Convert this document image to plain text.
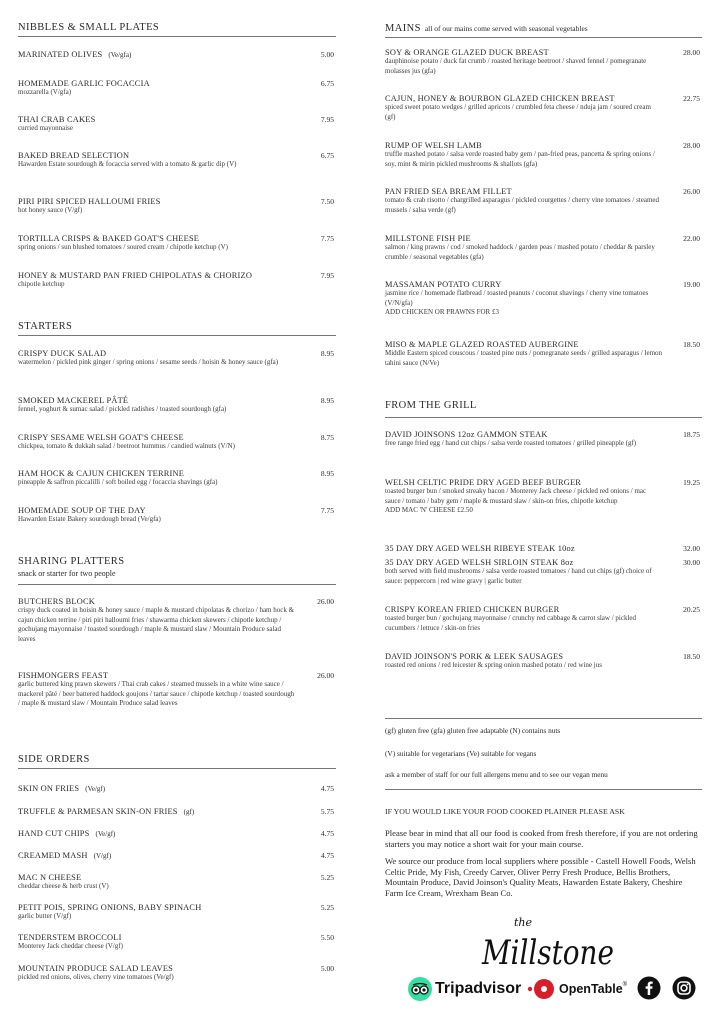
NIBBLES & SMALL PLATES
MARINATED OLIVES (Ve/gfa)	5.00
HOMEMADE GARLIC FOCACCIA	6.75
mozzarella (V/gfa)
THAI CRAB CAKES	7.95
curried mayonnaise
BAKED BREAD SELECTION	6.75
Hawarden Estate sourdough & focaccia served with a tomato & garlic dip (V)
PIRI PIRI SPICED HALLOUMI FRIES	7.50
hot honey sauce (V/gf)
TORTILLA CRISPS & BAKED GOAT'S CHEESE	7.75
spring onions / sun blushed tomatoes / soured cream / chipotle ketchup (V)
HONEY & MUSTARD PAN FRIED CHIPOLATAS & CHORIZO	7.95
chipotle ketchup
STARTERS
CRISPY DUCK SALAD	8.95
watermelon / pickled pink ginger / spring onions / sesame seeds / hoisin & honey sauce (gfa)
SMOKED MACKEREL PÂTÉ	8.95
fennel, yoghurt & sumac salad / pickled radishes / toasted sourdough (gfa)
CRISPY SESAME WELSH GOAT'S CHEESE	8.75
chickpea, tomato & dukkah salad / beetroot hummus / candied walnuts (V/N)
HAM HOCK & CAJUN CHICKEN TERRINE	8.95
pineapple & saffron piccalilli / soft boiled egg / focaccia shavings (gfa)
HOMEMADE SOUP OF THE DAY	7.75
Hawarden Estate Bakery sourdough bread (Ve/gfa)
SHARING PLATTERS
snack or starter for two people
BUTCHERS BLOCK	26.00
crispy duck coated in hoisin & honey sauce / maple & mustard chipolatas & chorizo / ham hock & cajun chicken terrine / piri piri halloumi fries / shawarma chicken skewers / chipotle ketchup / gochujang mayonnaise / toasted sourdough / maple & mustard slaw / Mountain Produce salad leaves
FISHMONGERS FEAST	26.00
garlic buttered king prawn skewers / Thai crab cakes / steamed mussels in a white wine sauce / mackerel pâté / beer battered haddock goujons / tartar sauce / chipotle ketchup / toasted sourdough / maple & mustard slaw / Mountain Produce salad leaves
SIDE ORDERS
SKIN ON FRIES (Ve/gf)	4.75
TRUFFLE & PARMESAN SKIN-ON FRIES (gf)	5.75
HAND CUT CHIPS (Ve/gf)	4.75
CREAMED MASH (V/gf)	4.75
MAC N CHEESE	5.25
cheddar cheese & herb crust (V)
PETIT POIS, SPRING ONIONS, BABY SPINACH	5.25
garlic butter (V/gf)
TENDERSTEM BROCCOLI	5.50
Monterey Jack cheddar cheese (V/gf)
MOUNTAIN PRODUCE SALAD LEAVES	5.00
pickled red onions, olives, cherry vine tomatoes (Ve/gf)
MAINS all of our mains come served with seasonal vegetables
SOY & ORANGE GLAZED DUCK BREAST	28.00
dauphinoise potato / duck fat crumb / roasted heritage beetroot / shaved fennel / pomegranate molasses jus (gfa)
CAJUN, HONEY & BOURBON GLAZED CHICKEN BREAST	22.75
spiced sweet potato wedges / grilled apricots / crumbled feta cheese / nduja jam / soured cream (gf)
RUMP OF WELSH LAMB	28.00
truffle mashed potato / salsa verde roasted baby gem / pan-fried peas, pancetta & spring onions / soy, mint & mirin pickled mushrooms & shallots (gfa)
PAN FRIED SEA BREAM FILLET	26.00
tomato & crab risotto / chargrilled asparagus / pickled courgettes / cherry vine tomatoes / steamed mussels / salsa verde (gf)
MILLSTONE FISH PIE	22.00
salmon / king prawns / cod / smoked haddock / garden peas / mashed potato / cheddar & parsley crumble / seasonal vegetables (gfa)
MASSAMAN POTATO CURRY	19.00
jasmine rice / homemade flatbread / toasted peanuts / coconut shavings / cherry vine tomatoes (V/N/gfa)
ADD CHICKEN OR PRAWNS FOR £3
MISO & MAPLE GLAZED ROASTED AUBERGINE	18.50
Middle Eastern spiced couscous / toasted pine nuts / pomegranate seeds / grilled asparagus / lemon tahini sauce (N/Ve)
FROM THE GRILL
DAVID JOINSONS 12oz GAMMON STEAK	18.75
free range fried egg / hand cut chips / salsa verde roasted tomatoes / grilled pineapple (gf)
WELSH CELTIC PRIDE DRY AGED BEEF BURGER	19.25
toasted burger bun / smoked streaky bacon / Monterey Jack cheese / pickled red onions / mac sauce / tomato / baby gem / maple & mustard slaw / skin-on fries, chipotle ketchup
ADD MAC 'N' CHEESE £2.50
35 DAY DRY AGED WELSH RIBEYE STEAK 10oz	32.00
35 DAY DRY AGED WELSH SIRLOIN STEAK 8oz	30.00
both served with field mushrooms / salsa verde roasted tomatoes / hand cut chips (gf) choice of sauce: peppercorn | red wine gravy | garlic butter
CRISPY KOREAN FRIED CHICKEN BURGER	20.25
toasted burger bun / gochujang mayonnaise / crunchy red cabbage & carrot slaw / pickled cucumbers / lettuce / skin-on fries
DAVID JOINSON'S PORK & LEEK SAUSAGES	18.50
roasted red onions / red leicester & spring onion mashed potato / red wine jus
(gf) gluten free (gfa) gluten free adaptable (N) contains nuts
(V) suitable for vegetarians (Ve) suitable for vegans
ask a member of staff for our full allergens menu and to see our vegan menu
IF YOU WOULD LIKE YOUR FOOD COOKED PLAINER PLEASE ASK
Please bear in mind that all our food is cooked from fresh therefore, if you are not ordering starters you may notice a short wait for your main course.
We source our produce from local suppliers where possible - Castell Howell Foods, Welsh Celtic Pride, My Fish, Creedy Carver, Oliver Perry Fresh Produce, Bellis Brothers, Mountain Produce, David Joinson's Quality Meats, Hawarden Estate Bakery, Cheshire Farm Ice Cream, Wrexham Bean Co.
the
Millstone
Tripadvisor	OpenTable ®
